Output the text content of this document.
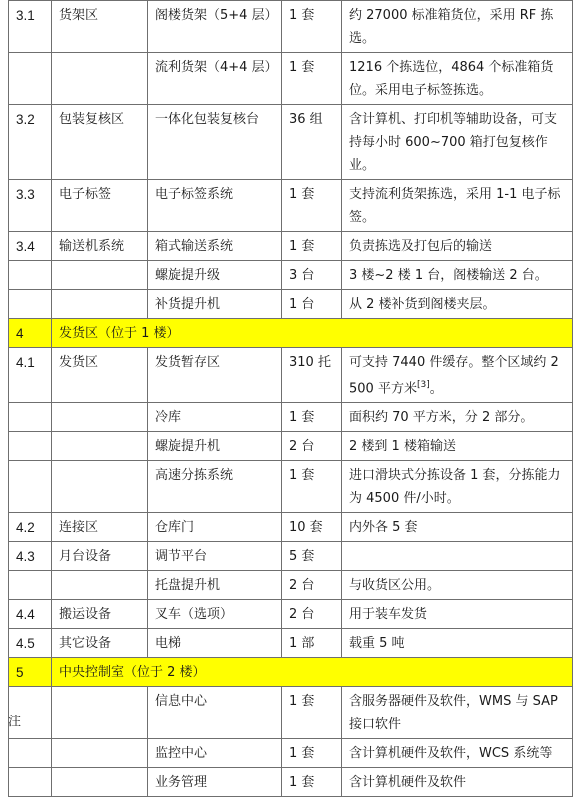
3.1	货架区	阁楼货架（5+4 层）	1 套	约 27000 标准箱货位，采用 RF 拣选。
		流利货架（4+4 层）	1 套	1216 个拣选位，4864 个标准箱货位。采用电子标签拣选。
3.2	包装复核区	一体化包装复核台	36 组	含计算机、打印机等辅助设备，可支持每小时 600~700 箱打包复核作业。
3.3	电子标签	电子标签系统	1 套	支持流利货架拣选，采用 1-1 电子标签。
3.4	输送机系统	箱式输送系统	1 套	负责拣选及打包后的输送
		螺旋提升级	3 台	3 楼~2 楼 1 台，阁楼输送 2 台。
		补货提升机	1 台	从 2 楼补货到阁楼夹层。
4	发货区（位于 1 楼）			
4.1	发货区	发货暂存区	310 托	可支持 7440 件缓存。整个区域约 2500 平方米[3]。
		冷库	1 套	面积约 70 平方米，分 2 部分。
		螺旋提升机	2 台	2 楼到 1 楼箱输送
		高速分拣系统	1 套	进口滑块式分拣设备 1 套，分拣能力为 4500 件/小时。
4.2	连接区	仓库门	10 套	内外各 5 套
4.3	月台设备	调节平台	5 套	
		托盘提升机	2 台	与收货区公用。
4.4	搬运设备	叉车（选项）	2 台	用于装车发货
4.5	其它设备	电梯	1 部	载重 5 吨
5	中央控制室（位于 2 楼）			
		信息中心	1 套	含服务器硬件及软件，WMS 与 SAP 接口软件
		监控中心	1 套	含计算机硬件及软件，WCS 系统等
		业务管理	1 套	含计算机硬件及软件
注
